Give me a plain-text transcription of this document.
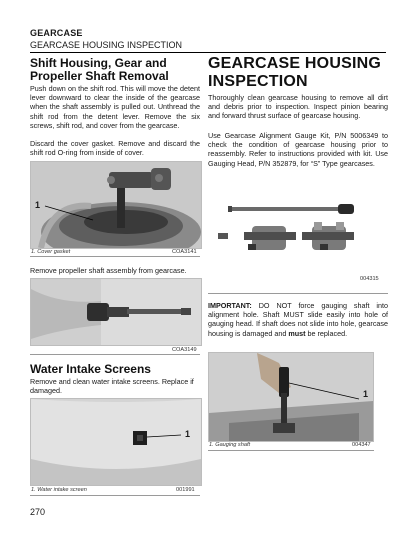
GEARCASE
GEARCASE HOUSING INSPECTION
Shift Housing, Gear and
Propeller Shaft Removal

Push down on the shift rod. This will move the detent lever downward to clear the inside of the gearcase when the shaft assembly is pulled out. Unthread the shift rod from the detent lever. Remove the six screws, shift rod, and cover from the gearcase.

Discard the cover gasket. Remove and discard the shift rod O-ring from inside of cover.

1
1. Cover gasket	COA3141

Remove propeller shaft assembly from gearcase.

COA3149
Water Intake Screens

Remove and clean water intake screens. Replace if damaged.

1
1. Water intake screen	001991
270
GEARCASE HOUSING
INSPECTION

Thoroughly clean gearcase housing to remove all dirt and debris prior to inspection. Inspect pinion bearing and forward thrust surface of gearcase housing.

Use Gearcase Alignment Gauge Kit, P/N 5006349 to check the condition of gearcase housing prior to reassembly. Refer to instructions provided with kit. Use Gauging Head, P/N 352879, for “S” Type gearcases.

004315

IMPORTANT: DO NOT force gauging shaft into alignment hole. Shaft MUST slide easily into hole of gauging head. If shaft does not slide into hole, gearcase housing is damaged and must be replaced.

1
1. Gauging shaft	004347
